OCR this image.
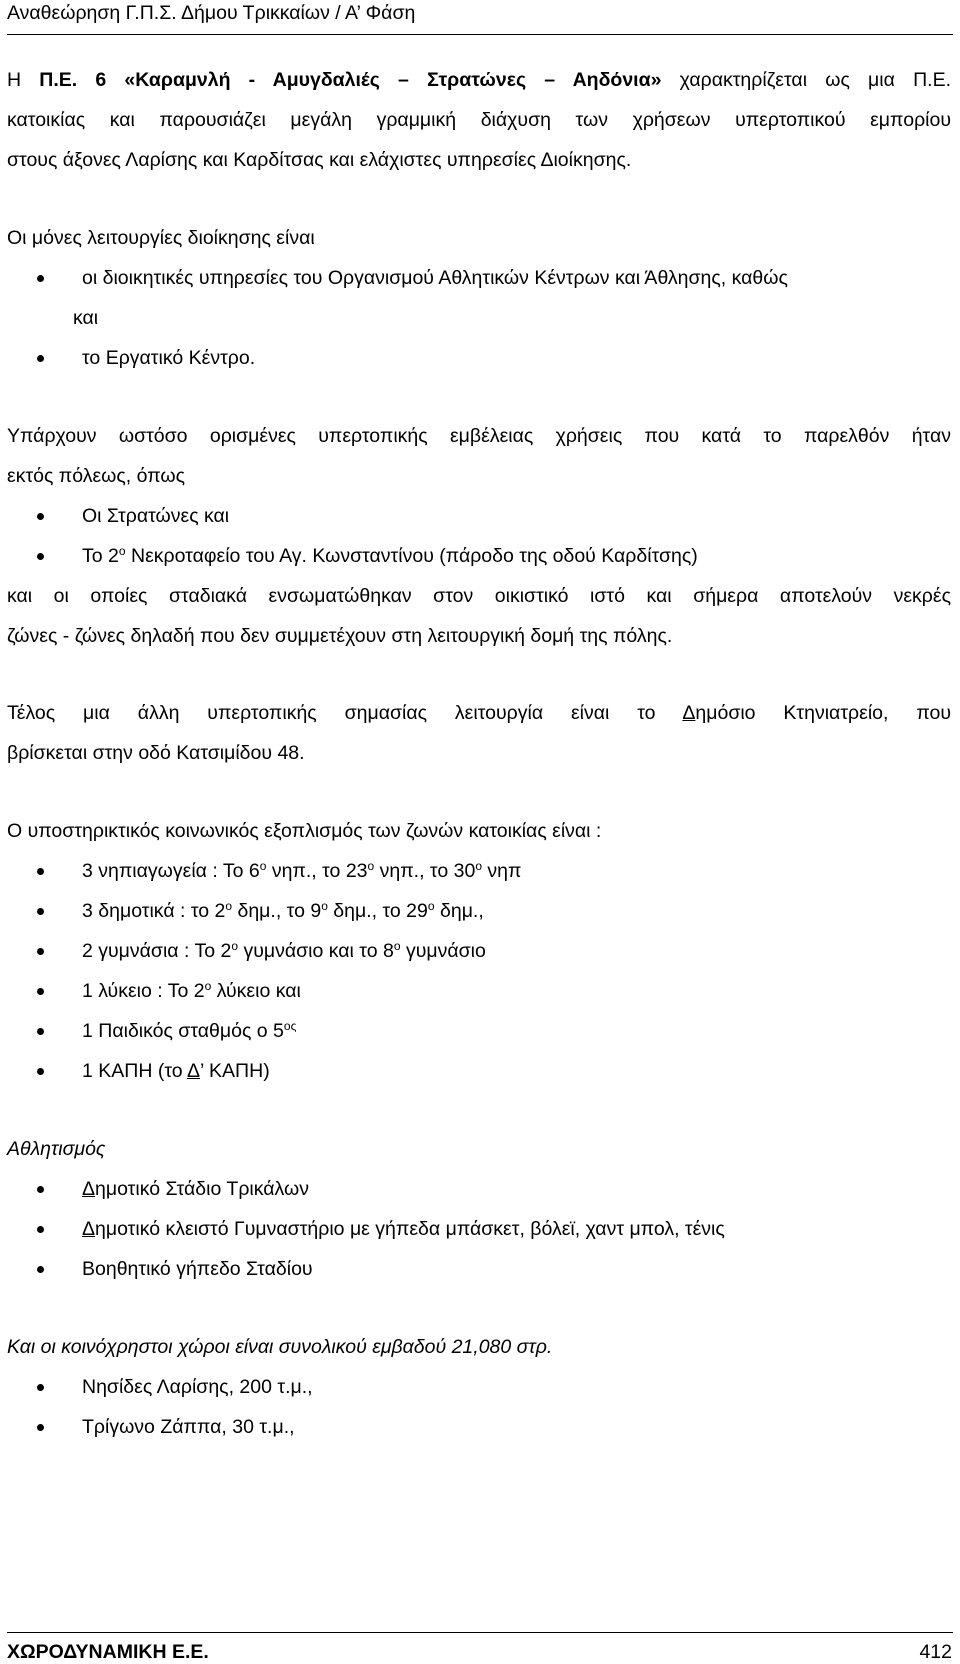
Αναθεώρηση Γ.Π.Σ. Δήμου Τρικκαίων / Α’ Φάση
Η Π.Ε. 6 «Καραμνλή - Αμυγδαλιές – Στρατώνες – Αηδόνια» χαρακτηρίζεται ως μια Π.Ε.
κατοικίας και παρουσιάζει μεγάλη γραμμική διάχυση των χρήσεων υπερτοπικού εμπορίου
στους άξονες Λαρίσης και Καρδίτσας και ελάχιστες υπηρεσίες Διοίκησης.
Οι μόνες λειτουργίες διοίκησης είναι
οι διοικητικές υπηρεσίες του Οργανισμού Αθλητικών Κέντρων και Άθλησης, καθώς
και
το Εργατικό Κέντρο.
Υπάρχουν ωστόσο ορισμένες υπερτοπικής εμβέλειας χρήσεις που κατά το παρελθόν ήταν
εκτός πόλεως, όπως
Οι Στρατώνες και
Το $2^o$ Νεκροταφείο του Αγ. Κωνσταντίνου (πάροδο της οδού Καρδίτσης)
και οι οποίες σταδιακά ενσωματώθηκαν στον οικιστικό ιστό και σήμερα αποτελούν νεκρές
ζώνες - ζώνες δηλαδή που δεν συμμετέχουν στη λειτουργική δομή της πόλης.
Τέλος μια άλλη υπερτοπικής σημασίας λειτουργία είναι το Δημόσιο Κτηνιατρείο, που
βρίσκεται στην οδό Κατσιμίδου 48.
Ο υποστηρικτικός κοινωνικός εξοπλισμός των ζωνών κατοικίας είναι :
3 νηπιαγωγεία : Το $6^o$ νηπ., το $23^o$ νηπ., το $30^o$ νηπ
3 δημοτικά : το $2^o$ δημ., το $9^o$ δημ., το $29^o$ δημ.,
2 γυμνάσια : Το $2^o$ γυμνάσιο και το $8^o$ γυμνάσιο
1 λύκειο : Το $2^o$ λύκειο και
1 Παιδικός σταθμός ο $5^{o\varsigma}$
1 ΚΑΠΗ (το Δ’ ΚΑΠΗ)
Αθλητισμός
Δημοτικό Στάδιο Τρικάλων
Δημοτικό κλειστό Γυμναστήριο με γήπεδα μπάσκετ, βόλεϊ, χαντ μπολ, τένις
Βοηθητικό γήπεδο Σταδίου
Και οι κοινόχρηστοι χώροι είναι συνολικού εμβαδού 21,080 στρ.
Νησίδες Λαρίσης, 200 τ.μ.,
Τρίγωνο Ζάππα, 30 τ.μ.,
ΧΩΡΟΔΥΝΑΜΙΚΗ Ε.Ε.	412
